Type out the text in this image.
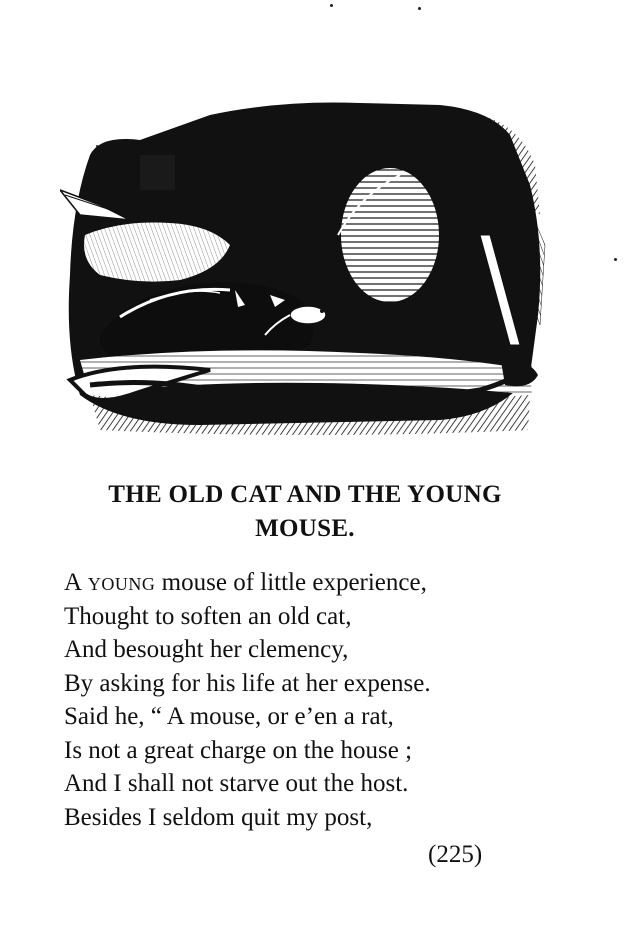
THE OLD CAT AND THE YOUNG
MOUSE.
A young mouse of little experience,
Thought to soften an old cat,
And besought her clemency,
By asking for his life at her expense.
Said he, “ A mouse, or e’en a rat,
Is not a great charge on the house ;
And I shall not starve out the host.
Besides I seldom quit my post,
(225)
